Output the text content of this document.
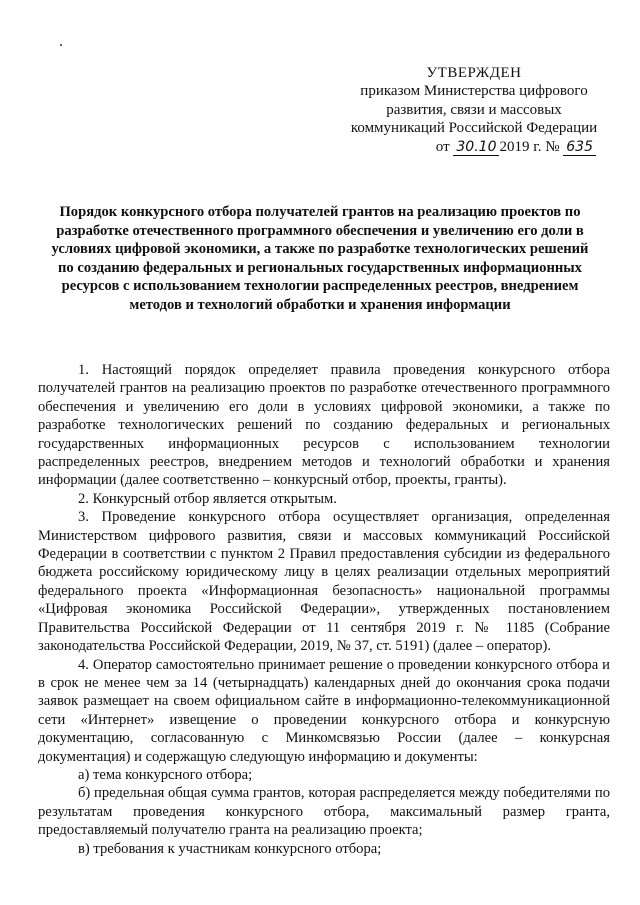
УТВЕРЖДЕН
приказом Министерства цифрового
развития, связи и массовых
коммуникаций Российской Федерации
от 30.10 2019 г. № 635
Порядок конкурсного отбора получателей грантов на реализацию проектов по разработке отечественного программного обеспечения и увеличению его доли в условиях цифровой экономики, а также по разработке технологических решений по созданию федеральных и региональных государственных информационных ресурсов с использованием технологии распределенных реестров, внедрением методов и технологий обработки и хранения информации

1. Настоящий порядок определяет правила проведения конкурсного отбора получателей грантов на реализацию проектов по разработке отечественного программного обеспечения и увеличению его доли в условиях цифровой экономики, а также по разработке технологических решений по созданию федеральных и региональных государственных информационных ресурсов с использованием технологии распределенных реестров, внедрением методов и технологий обработки и хранения информации (далее соответственно – конкурсный отбор, проекты, гранты).

2. Конкурсный отбор является открытым.

3. Проведение конкурсного отбора осуществляет организация, определенная Министерством цифрового развития, связи и массовых коммуникаций Российской Федерации в соответствии с пунктом 2 Правил предоставления субсидии из федерального бюджета российскому юридическому лицу в целях реализации отдельных мероприятий федерального проекта «Информационная безопасность» национальной программы «Цифровая экономика Российской Федерации», утвержденных постановлением Правительства Российской Федерации от 11 сентября 2019 г. № 1185 (Собрание законодательства Российской Федерации, 2019, № 37, ст. 5191) (далее – оператор).

4. Оператор самостоятельно принимает решение о проведении конкурсного отбора и в срок не менее чем за 14 (четырнадцать) календарных дней до окончания срока подачи заявок размещает на своем официальном сайте в информационно-телекоммуникационной сети «Интернет» извещение о проведении конкурсного отбора и конкурсную документацию, согласованную с Минкомсвязью России (далее – конкурсная документация) и содержащую следующую информацию и документы:

а) тема конкурсного отбора;

б) предельная общая сумма грантов, которая распределяется между победителями по результатам проведения конкурсного отбора, максимальный размер гранта, предоставляемый получателю гранта на реализацию проекта;

в) требования к участникам конкурсного отбора;
